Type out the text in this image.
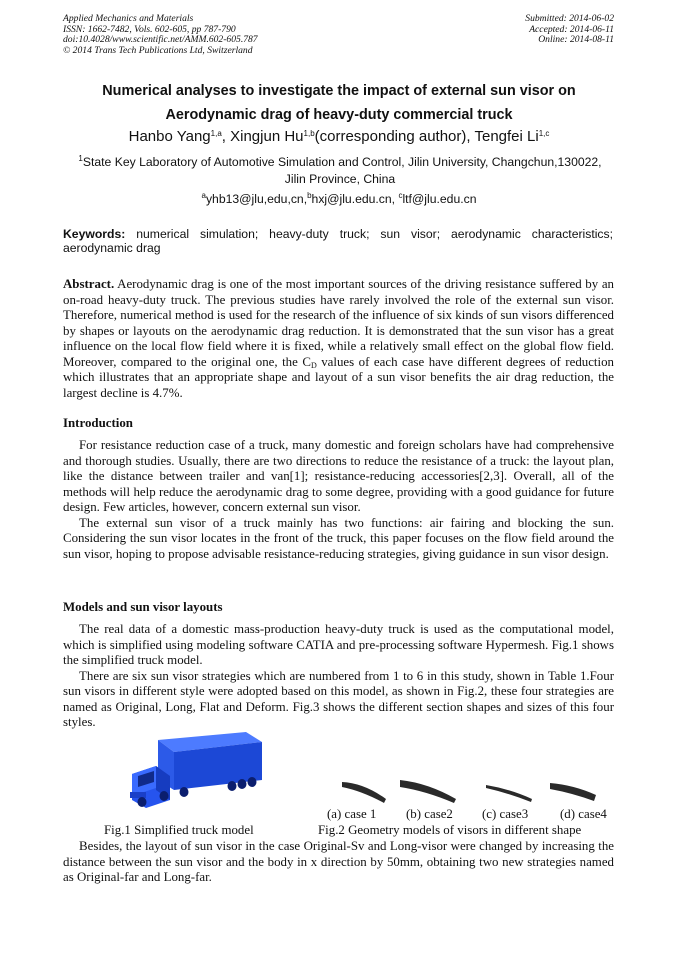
Applied Mechanics and Materials
ISSN: 1662-7482, Vols. 602-605, pp 787-790
doi:10.4028/www.scientific.net/AMM.602-605.787
© 2014 Trans Tech Publications Ltd, Switzerland
Submitted: 2014-06-02
Accepted: 2014-06-11
Online: 2014-08-11
Numerical analyses to investigate the impact of external sun visor on
Aerodynamic drag of heavy-duty commercial truck
Hanbo Yang$^{1,a}$, Xingjun Hu$^{1,b}$(corresponding author), Tengfei Li$^{1,c}$
$^1$State Key Laboratory of Automotive Simulation and Control, Jilin University, Changchun,130022,
Jilin Province, China
$^a$yhb13@jlu,edu,cn,$^b$hxj@jlu.edu.cn, $^c$ltf@jlu.edu.cn
Keywords: numerical simulation; heavy-duty truck; sun visor; aerodynamic characteristics; aerodynamic drag

Abstract. Aerodynamic drag is one of the most important sources of the driving resistance suffered by an on-road heavy-duty truck. The previous studies have rarely involved the role of the external sun visor. Therefore, numerical method is used for the research of the influence of six kinds of sun visors differenced by shapes or layouts on the aerodynamic drag reduction. It is demonstrated that the sun visor has a great influence on the local flow field where it is fixed, while a relatively small effect on the global flow field. Moreover, compared to the original one, the $C_D$ values of each case have different degrees of reduction which illustrates that an appropriate shape and layout of a sun visor benefits the air drag reduction, the largest decline is 4.7%.

Introduction

For resistance reduction case of a truck, many domestic and foreign scholars have had comprehensive and thorough studies. Usually, there are two directions to reduce the resistance of a truck: the layout plan, like the distance between trailer and van[1]; resistance-reducing accessories[2,3]. Overall, all of the methods will help reduce the aerodynamic drag to some degree, providing with a good guidance for future design. Few articles, however, concern external sun visor.

The external sun visor of a truck mainly has two functions: air fairing and blocking the sun. Considering the sun visor locates in the front of the truck, this paper focuses on the flow field around the sun visor, hoping to propose advisable resistance-reducing strategies, giving guidance in sun visor design.

Models and sun visor layouts

The real data of a domestic mass-production heavy-duty truck is used as the computational model, which is simplified using modeling software CATIA and pre-processing software Hypermesh. Fig.1 shows the simplified truck model.

There are six sun visor strategies which are numbered from 1 to 6 in this study, shown in Table 1.Four sun visors in different style were adopted based on this model, as shown in Fig.2, these four strategies are named as Original, Long, Flat and Deform. Fig.3 shows the different section shapes and sizes of this four styles.

(a) case 1 (b) case2 (c) case3 (d) case4
Fig.1 Simplified truck model	Fig.2 Geometry models of visors in different shape

Besides, the layout of sun visor in the case Original-Sv and Long-visor were changed by increasing the distance between the sun visor and the body in x direction by 50mm, obtaining two new strategies named as Original-far and Long-far.
